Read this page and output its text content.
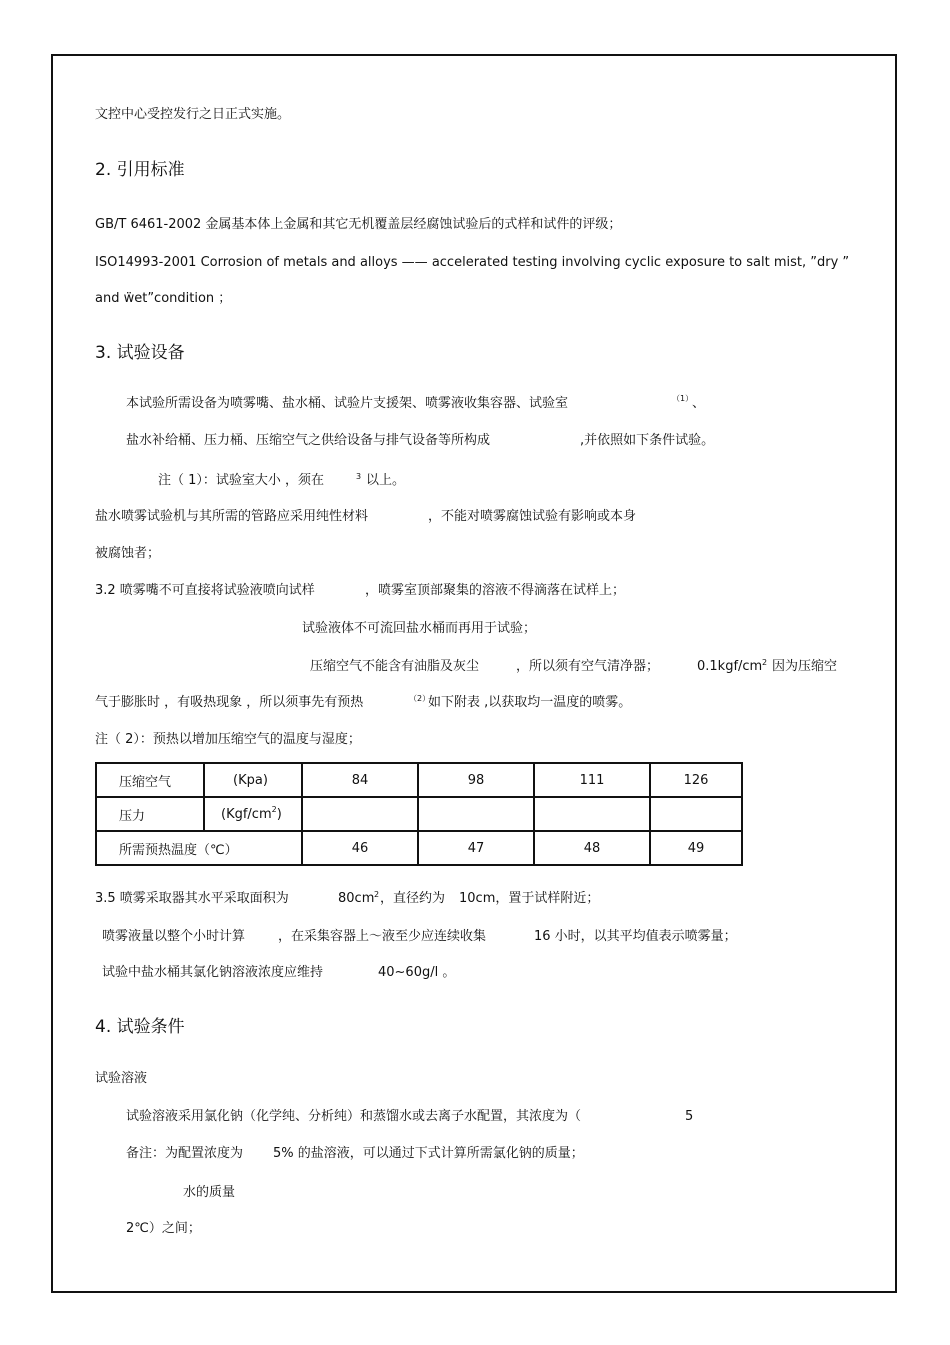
文控中心受控发行之日正式实施。
2. 引用标准
GB/T 6461-2002 金属基本体上金属和其它无机覆盖层经腐蚀试验后的式样和试件的评级；
ISO14993-2001 Corrosion of metals and alloys —— accelerated testing involving cyclic exposure to salt mist, ”dry ”
and ẅet”condition ；
3. 试验设备
本试验所需设备为喷雾嘴、盐水桶、试验片支援架、喷雾液收集容器、试验室	（1）
、
盐水补给桶、压力桶、压缩空气之供给设备与排气设备等所构成	,并依照如下条件试验。
注（ 1）：试验室大小 ，须在	3 以上。
盐水喷雾试验机与其所需的管路应采用纯性材料	，不能对喷雾腐蚀试验有影响或本身
被腐蚀者；
3.2 喷雾嘴不可直接将试验液喷向试样	，喷雾室顶部聚集的溶液不得滴落在试样上；
试验液体不可流回盐水桶而再用于试验；
压缩空气不能含有油脂及灰尘	，所以须有空气清净器；	0.1kgf/cm 2 因为压缩空
气于膨胀时 ，有吸热现象 ，所以须事先有预热	（2）
如下附表 ,以获取均一温度的喷雾。
注（ 2）：预热以增加压缩空气的温度与湿度；
压缩空气	(Kpa)	84	98	111	126
压力	$(Kgf/cm^2)$				
所需预热温度（℃）		46	47	48	49
3.5 喷雾采取器其水平采取面积为	80cm 2 ，直径约为 10cm，置于试样附近；
喷雾液量以整个小时计算	，在采集容器上～液至少应连续收集	16 小时，以其平均值表示喷雾量；
试验中盐水桶其氯化钠溶液浓度应维持	40~60g/l 。
4. 试验条件
试验溶液
试验溶液采用氯化钠（化学纯、分析纯）和蒸馏水或去离子水配置，其浓度为（	5
备注：为配置浓度为 5% 的盐溶液，可以通过下式计算所需氯化钠的质量；
水的质量
2℃）之间；
